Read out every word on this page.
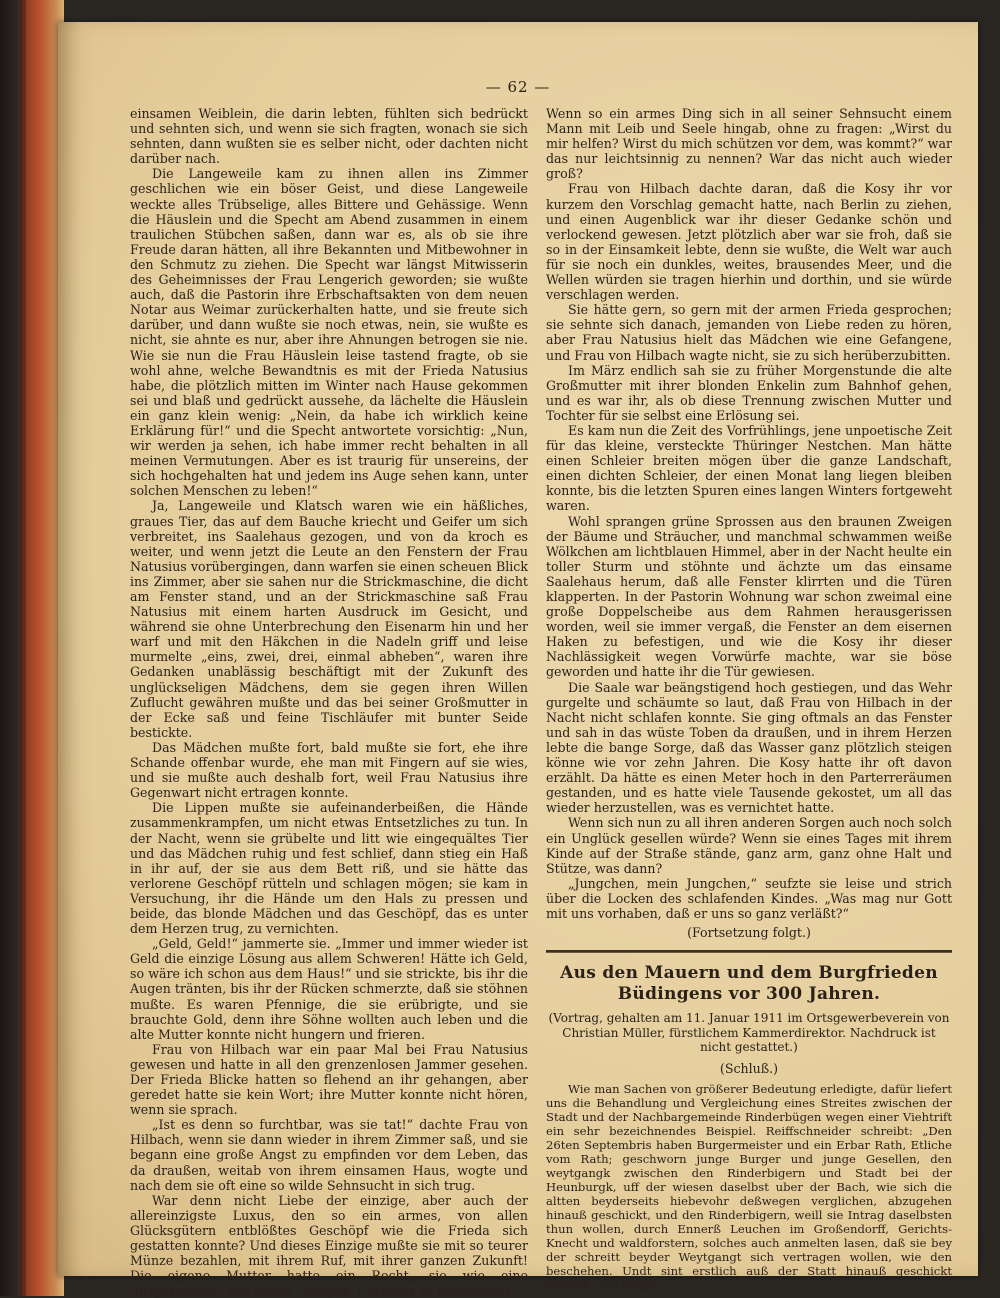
— 62 —

einsamen Weiblein, die darin lebten, fühlten sich bedrückt und sehnten sich, und wenn sie sich fragten, wonach sie sich sehnten, dann wußten sie es selber nicht, oder dachten nicht darüber nach.

Die Langeweile kam zu ihnen allen ins Zimmer geschlichen wie ein böser Geist, und diese Langeweile weckte alles Trübselige, alles Bittere und Gehässige. Wenn die Häuslein und die Specht am Abend zusammen in einem traulichen Stübchen saßen, dann war es, als ob sie ihre Freude daran hätten, all ihre Bekannten und Mitbewohner in den Schmutz zu ziehen. Die Specht war längst Mitwisserin des Geheimnisses der Frau Lengerich geworden; sie wußte auch, daß die Pastorin ihre Erbschaftsakten von dem neuen Notar aus Weimar zurückerhalten hatte, und sie freute sich darüber, und dann wußte sie noch etwas, nein, sie wußte es nicht, sie ahnte es nur, aber ihre Ahnungen betrogen sie nie. Wie sie nun die Frau Häuslein leise tastend fragte, ob sie wohl ahne, welche Bewandtnis es mit der Frieda Natusius habe, die plötzlich mitten im Winter nach Hause gekommen sei und blaß und gedrückt aussehe, da lächelte die Häuslein ein ganz klein wenig: „Nein, da habe ich wirklich keine Erklärung für!“ und die Specht antwortete vorsichtig: „Nun, wir werden ja sehen, ich habe immer recht behalten in all meinen Vermutungen. Aber es ist traurig für unsereins, der sich hochgehalten hat und jedem ins Auge sehen kann, unter solchen Menschen zu leben!“

Ja, Langeweile und Klatsch waren wie ein häßliches, graues Tier, das auf dem Bauche kriecht und Geifer um sich verbreitet, ins Saalehaus gezogen, und von da kroch es weiter, und wenn jetzt die Leute an den Fenstern der Frau Natusius vorübergingen, dann warfen sie einen scheuen Blick ins Zimmer, aber sie sahen nur die Strickmaschine, die dicht am Fenster stand, und an der Strickmaschine saß Frau Natusius mit einem harten Ausdruck im Gesicht, und während sie ohne Unterbrechung den Eisenarm hin und her warf und mit den Häkchen in die Nadeln griff und leise murmelte „eins, zwei, drei, einmal abheben“, waren ihre Gedanken unablässig beschäftigt mit der Zukunft des unglückseligen Mädchens, dem sie gegen ihren Willen Zuflucht gewähren mußte und das bei seiner Großmutter in der Ecke saß und feine Tischläufer mit bunter Seide bestickte.

Das Mädchen mußte fort, bald mußte sie fort, ehe ihre Schande offenbar wurde, ehe man mit Fingern auf sie wies, und sie mußte auch deshalb fort, weil Frau Natusius ihre Gegenwart nicht ertragen konnte.

Die Lippen mußte sie aufeinanderbeißen, die Hände zusammenkrampfen, um nicht etwas Entsetzliches zu tun. In der Nacht, wenn sie grübelte und litt wie eingequältes Tier und das Mädchen ruhig und fest schlief, dann stieg ein Haß in ihr auf, der sie aus dem Bett riß, und sie hätte das verlorene Geschöpf rütteln und schlagen mögen; sie kam in Versuchung, ihr die Hände um den Hals zu pressen und beide, das blonde Mädchen und das Geschöpf, das es unter dem Herzen trug, zu vernichten.

„Geld, Geld!“ jammerte sie. „Immer und immer wieder ist Geld die einzige Lösung aus allem Schweren! Hätte ich Geld, so wäre ich schon aus dem Haus!“ und sie strickte, bis ihr die Augen tränten, bis ihr der Rücken schmerzte, daß sie stöhnen mußte. Es waren Pfennige, die sie erübrigte, und sie brauchte Gold, denn ihre Söhne wollten auch leben und die alte Mutter konnte nicht hungern und frieren.

Frau von Hilbach war ein paar Mal bei Frau Natusius gewesen und hatte in all den grenzenlosen Jammer gesehen. Der Frieda Blicke hatten so flehend an ihr gehangen, aber geredet hatte sie kein Wort; ihre Mutter konnte nicht hören, wenn sie sprach.

„Ist es denn so furchtbar, was sie tat!“ dachte Frau von Hilbach, wenn sie dann wieder in ihrem Zimmer saß, und sie begann eine große Angst zu empfinden vor dem Leben, das da draußen, weitab von ihrem einsamen Haus, wogte und nach dem sie oft eine so wilde Sehnsucht in sich trug.

War denn nicht Liebe der einzige, aber auch der allereinzigste Luxus, den so ein armes, von allen Glücksgütern entblößtes Geschöpf wie die Frieda sich gestatten konnte? Und dieses Einzige mußte sie mit so teurer Münze bezahlen, mit ihrem Ruf, mit ihrer ganzen Zukunft! Die eigene Mutter hatte ein Recht, sie wie eine Ausgestoßene, wie etwas Lästiges, Unreines zu behandeln!

Wenn so ein armes Ding sich in all seiner Sehnsucht einem Mann mit Leib und Seele hingab, ohne zu fragen: „Wirst du mir helfen? Wirst du mich schützen vor dem, was kommt?“ war das nur leichtsinnig zu nennen? War das nicht auch wieder groß?

Frau von Hilbach dachte daran, daß die Kosy ihr vor kurzem den Vorschlag gemacht hatte, nach Berlin zu ziehen, und einen Augenblick war ihr dieser Gedanke schön und verlockend gewesen. Jetzt plötzlich aber war sie froh, daß sie so in der Einsamkeit lebte, denn sie wußte, die Welt war auch für sie noch ein dunkles, weites, brausendes Meer, und die Wellen würden sie tragen hierhin und dorthin, und sie würde verschlagen werden.

Sie hätte gern, so gern mit der armen Frieda gesprochen; sie sehnte sich danach, jemanden von Liebe reden zu hören, aber Frau Natusius hielt das Mädchen wie eine Gefangene, und Frau von Hilbach wagte nicht, sie zu sich herüberzubitten.

Im März endlich sah sie zu früher Morgenstunde die alte Großmutter mit ihrer blonden Enkelin zum Bahnhof gehen, und es war ihr, als ob diese Trennung zwischen Mutter und Tochter für sie selbst eine Erlösung sei.

Es kam nun die Zeit des Vorfrühlings, jene unpoetische Zeit für das kleine, versteckte Thüringer Nestchen. Man hätte einen Schleier breiten mögen über die ganze Landschaft, einen dichten Schleier, der einen Monat lang liegen bleiben konnte, bis die letzten Spuren eines langen Winters fortgeweht waren.

Wohl sprangen grüne Sprossen aus den braunen Zweigen der Bäume und Sträucher, und manchmal schwammen weiße Wölkchen am lichtblauen Himmel, aber in der Nacht heulte ein toller Sturm und stöhnte und ächzte um das einsame Saalehaus herum, daß alle Fenster klirrten und die Türen klapperten. In der Pastorin Wohnung war schon zweimal eine große Doppelscheibe aus dem Rahmen herausgerissen worden, weil sie immer vergaß, die Fenster an dem eisernen Haken zu befestigen, und wie die Kosy ihr dieser Nachlässigkeit wegen Vorwürfe machte, war sie böse geworden und hatte ihr die Tür gewiesen.

Die Saale war beängstigend hoch gestiegen, und das Wehr gurgelte und schäumte so laut, daß Frau von Hilbach in der Nacht nicht schlafen konnte. Sie ging oftmals an das Fenster und sah in das wüste Toben da draußen, und in ihrem Herzen lebte die bange Sorge, daß das Wasser ganz plötzlich steigen könne wie vor zehn Jahren. Die Kosy hatte ihr oft davon erzählt. Da hätte es einen Meter hoch in den Parterreräumen gestanden, und es hatte viele Tausende gekostet, um all das wieder herzustellen, was es vernichtet hatte.

Wenn sich nun zu all ihren anderen Sorgen auch noch solch ein Unglück gesellen würde? Wenn sie eines Tages mit ihrem Kinde auf der Straße stände, ganz arm, ganz ohne Halt und Stütze, was dann?

„Jungchen, mein Jungchen,“ seufzte sie leise und strich über die Locken des schlafenden Kindes. „Was mag nur Gott mit uns vorhaben, daß er uns so ganz verläßt?“

(Fortsetzung folgt.)
Aus den Mauern und dem Burgfrieden Büdingens vor 300 Jahren.
(Vortrag, gehalten am 11. Januar 1911 im Ortsgewerbeverein von Christian Müller, fürstlichem Kammerdirektor. Nachdruck ist nicht gestattet.)
(Schluß.)

Wie man Sachen von größerer Bedeutung erledigte, dafür liefert uns die Behandlung und Vergleichung eines Streites zwischen der Stadt und der Nachbargemeinde Rinderbügen wegen einer Viehtrift ein sehr bezeichnendes Beispiel. Reiffschneider schreibt: „Den 26ten Septembris haben Burgermeister und ein Erbar Rath, Etliche vom Rath; geschworn junge Burger und junge Gesellen, den weytgangk zwischen den Rinderbigern und Stadt bei der Heunburgk, uff der wiesen daselbst uber der Bach, wie sich die altten beyderseits hiebevohr deßwegen verglichen, abzugehen hinauß geschickt, und den Rinderbigern, weill sie Intrag daselbsten thun wollen, durch Ennerß Leuchen im Großendorff, Gerichts-Knecht und waldforstern, solches auch anmelten lasen, daß sie bey der schreitt beyder Weytgangt sich vertragen wollen, wie den beschehen. Undt sint erstlich auß der Statt hinauß geschickt worden, wie volgt:
